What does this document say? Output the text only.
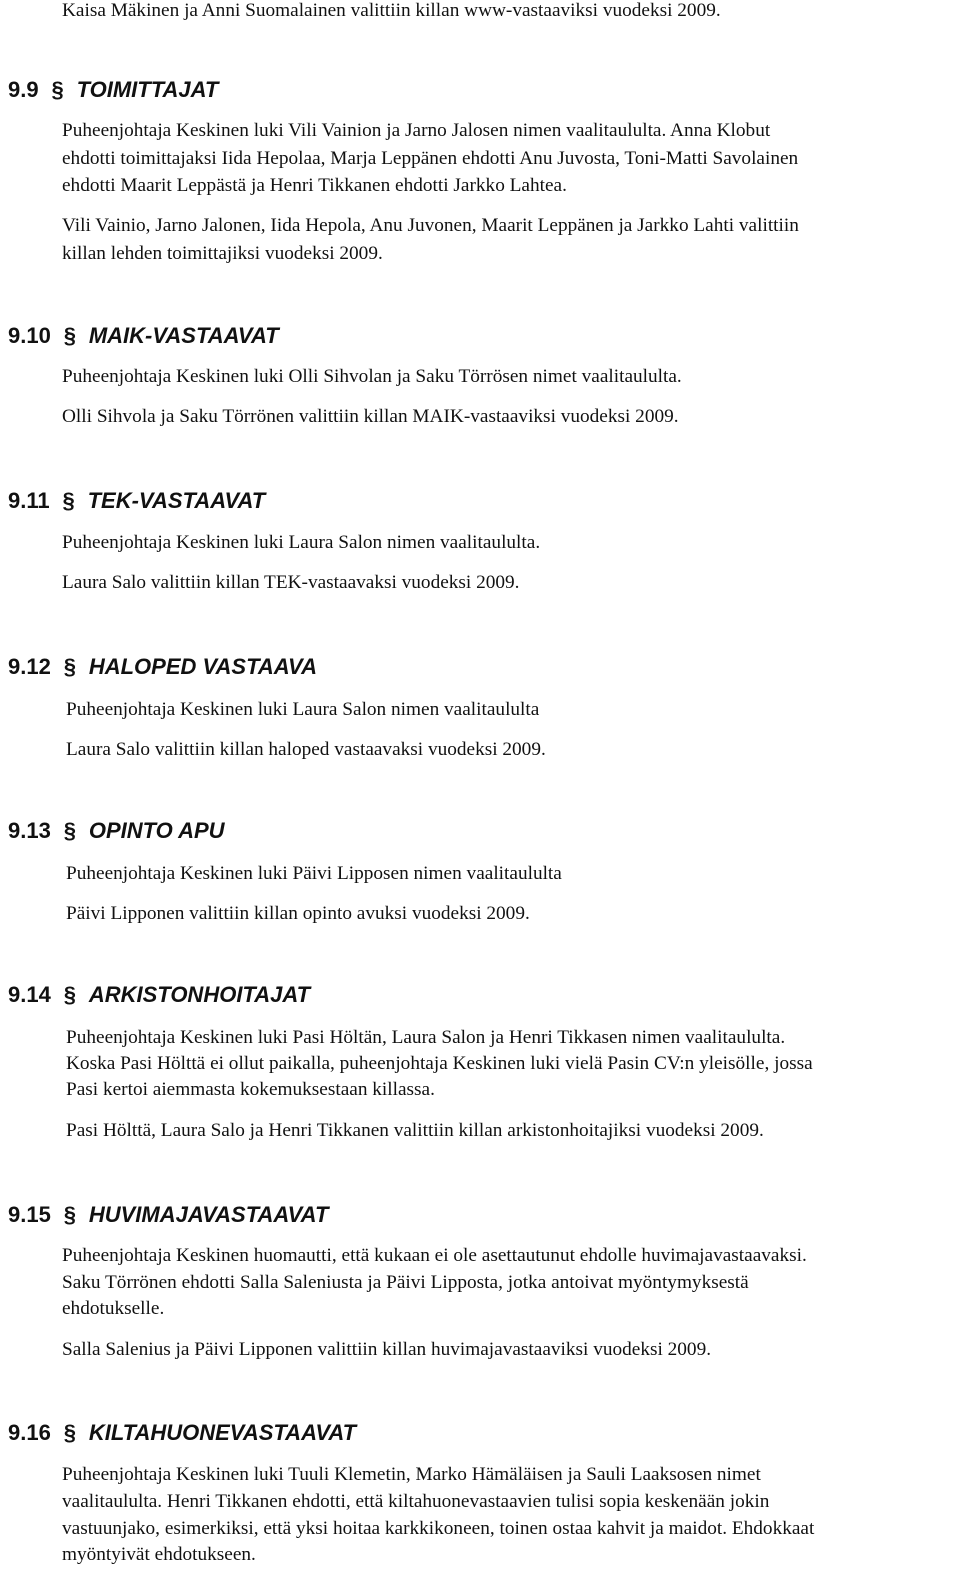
Kaisa Mäkinen ja Anni Suomalainen valittiin killan www-vastaaviksi vuodeksi 2009.

9.9 § TOIMITTAJAT

Puheenjohtaja Keskinen luki Vili Vainion ja Jarno Jalosen nimen vaalitaululta. Anna Klobut

ehdotti toimittajaksi Iida Hepolaa, Marja Leppänen ehdotti Anu Juvosta, Toni-Matti Savolainen

ehdotti Maarit Leppästä ja Henri Tikkanen ehdotti Jarkko Lahtea.

Vili Vainio, Jarno Jalonen, Iida Hepola, Anu Juvonen, Maarit Leppänen ja Jarkko Lahti valittiin

killan lehden toimittajiksi vuodeksi 2009.

9.10 § MAIK-VASTAAVAT

Puheenjohtaja Keskinen luki Olli Sihvolan ja Saku Törrösen nimet vaalitaululta.

Olli Sihvola ja Saku Törrönen valittiin killan MAIK-vastaaviksi vuodeksi 2009.

9.11 § TEK-VASTAAVAT

Puheenjohtaja Keskinen luki Laura Salon nimen vaalitaululta.

Laura Salo valittiin killan TEK-vastaavaksi vuodeksi 2009.

9.12 § HALOPED VASTAAVA

Puheenjohtaja Keskinen luki Laura Salon nimen vaalitaululta

Laura Salo valittiin killan haloped vastaavaksi vuodeksi 2009.

9.13 § OPINTO APU

Puheenjohtaja Keskinen luki Päivi Lipposen nimen vaalitaululta

Päivi Lipponen valittiin killan opinto avuksi vuodeksi 2009.

9.14 § ARKISTONHOITAJAT

Puheenjohtaja Keskinen luki Pasi Höltän, Laura Salon ja Henri Tikkasen nimen vaalitaululta.

Koska Pasi Hölttä ei ollut paikalla, puheenjohtaja Keskinen luki vielä Pasin CV:n yleisölle, jossa

Pasi kertoi aiemmasta kokemuksestaan killassa.

Pasi Hölttä, Laura Salo ja Henri Tikkanen valittiin killan arkistonhoitajiksi vuodeksi 2009.

9.15 § HUVIMAJAVASTAAVAT

Puheenjohtaja Keskinen huomautti, että kukaan ei ole asettautunut ehdolle huvimajavastaavaksi.

Saku Törrönen ehdotti Salla Saleniusta ja Päivi Lipposta, jotka antoivat myöntymyksestä

ehdotukselle.

Salla Salenius ja Päivi Lipponen valittiin killan huvimajavastaaviksi vuodeksi 2009.

9.16 § KILTAHUONEVASTAAVAT

Puheenjohtaja Keskinen luki Tuuli Klemetin, Marko Hämäläisen ja Sauli Laaksosen nimet

vaalitaululta. Henri Tikkanen ehdotti, että kiltahuonevastaavien tulisi sopia keskenään jokin

vastuunjako, esimerkiksi, että yksi hoitaa karkkikoneen, toinen ostaa kahvit ja maidot. Ehdokkaat

myöntyivät ehdotukseen.
